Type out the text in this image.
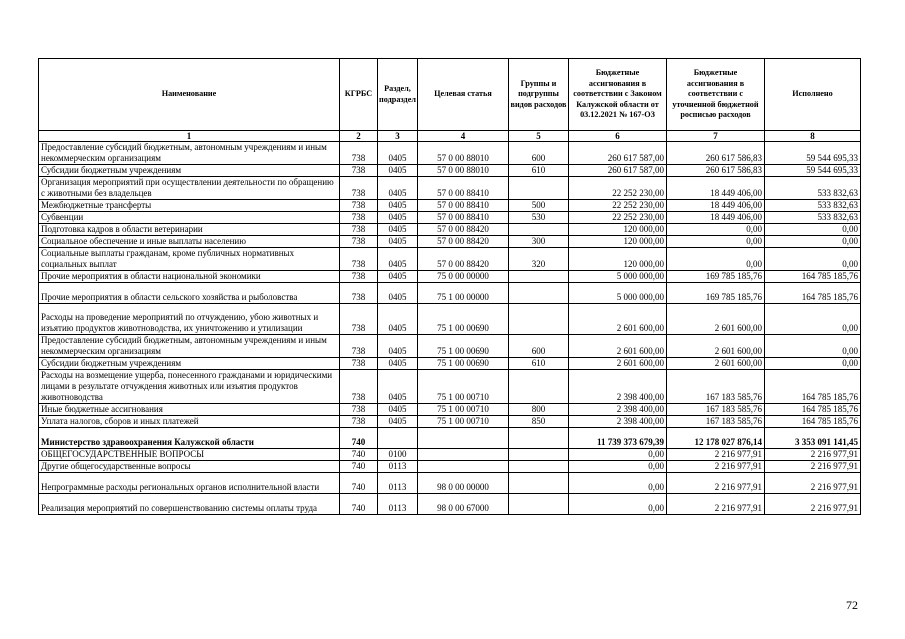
Наименование	КГРБС	Раздел, подраздел	Целевая статья	Группы и подгруппы видов расходов	Бюджетные ассигнования в соответствии с Законом Калужской области от 03.12.2021 № 167-ОЗ	Бюджетные ассигнования в соответствии с уточненной бюджетной росписью расходов	Исполнено
1	2	3	4	5	6	7	8
Предоставление субсидий бюджетным, автономным учреждениям и иным некоммерческим организациям	738	0405	57 0 00 88010	600	260 617 587,00	260 617 586,83	59 544 695,33
Субсидии бюджетным учреждениям	738	0405	57 0 00 88010	610	260 617 587,00	260 617 586,83	59 544 695,33
Организация мероприятий при осуществлении деятельности по обращению с животными без владельцев	738	0405	57 0 00 88410		22 252 230,00	18 449 406,00	533 832,63
Межбюджетные трансферты	738	0405	57 0 00 88410	500	22 252 230,00	18 449 406,00	533 832,63
Субвенции	738	0405	57 0 00 88410	530	22 252 230,00	18 449 406,00	533 832,63
Подготовка кадров в области ветеринарии	738	0405	57 0 00 88420		120 000,00	0,00	0,00
Социальное обеспечение и иные выплаты населению	738	0405	57 0 00 88420	300	120 000,00	0,00	0,00
Социальные выплаты гражданам, кроме публичных нормативных социальных выплат	738	0405	57 0 00 88420	320	120 000,00	0,00	0,00
Прочие мероприятия в области национальной экономики	738	0405	75 0 00 00000		5 000 000,00	169 785 185,76	164 785 185,76
Прочие мероприятия в области сельского хозяйства и рыболовства	738	0405	75 1 00 00000		5 000 000,00	169 785 185,76	164 785 185,76
Расходы на проведение мероприятий по отчуждению, убою животных и изъятию продуктов животноводства, их уничтожению и утилизации	738	0405	75 1 00 00690		2 601 600,00	2 601 600,00	0,00
Предоставление субсидий бюджетным, автономным учреждениям и иным некоммерческим организациям	738	0405	75 1 00 00690	600	2 601 600,00	2 601 600,00	0,00
Субсидии бюджетным учреждениям	738	0405	75 1 00 00690	610	2 601 600,00	2 601 600,00	0,00
Расходы на возмещение ущерба, понесенного гражданами и юридическими лицами в результате отчуждения животных или изъятия продуктов животноводства	738	0405	75 1 00 00710		2 398 400,00	167 183 585,76	164 785 185,76
Иные бюджетные ассигнования	738	0405	75 1 00 00710	800	2 398 400,00	167 183 585,76	164 785 185,76
Уплата налогов, сборов и иных платежей	738	0405	75 1 00 00710	850	2 398 400,00	167 183 585,76	164 785 185,76
Министерство здравоохранения Калужской области	740				11 739 373 679,39	12 178 027 876,14	3 353 091 141,45
ОБЩЕГОСУДАРСТВЕННЫЕ ВОПРОСЫ	740	0100			0,00	2 216 977,91	2 216 977,91
Другие общегосударственные вопросы	740	0113			0,00	2 216 977,91	2 216 977,91
Непрограммные расходы региональных органов исполнительной власти	740	0113	98 0 00 00000		0,00	2 216 977,91	2 216 977,91
Реализация мероприятий по совершенствованию системы оплаты труда	740	0113	98 0 00 67000		0,00	2 216 977,91	2 216 977,91
72
